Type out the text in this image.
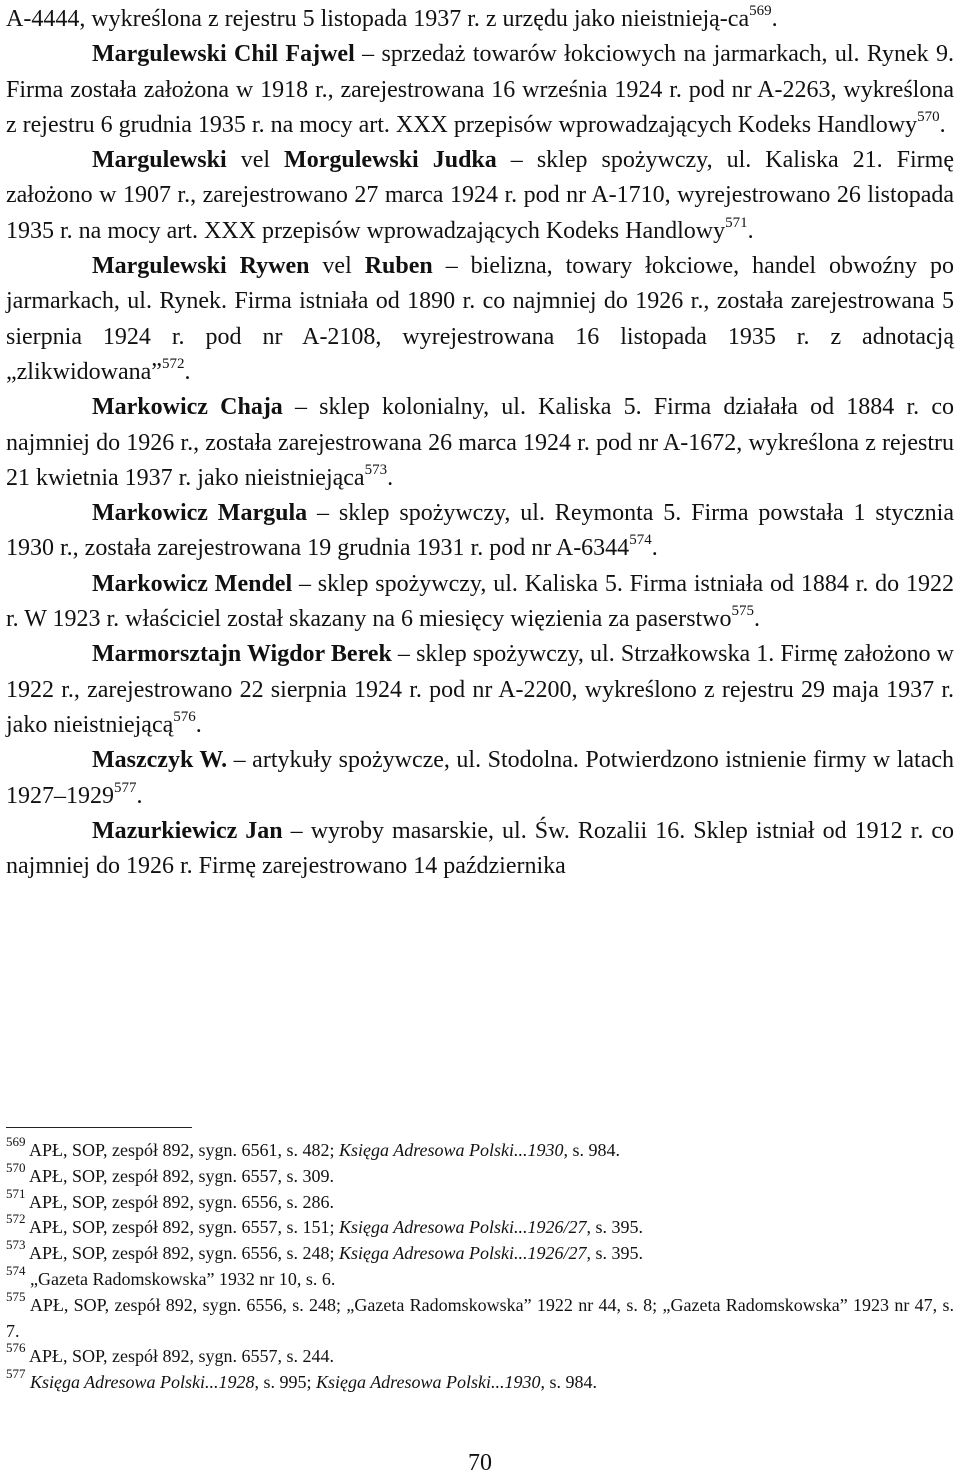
A-4444, wykreślona z rejestru 5 listopada 1937 r. z urzędu jako nieistnieją-$ca^{569}$.

Margulewski Chil Fajwel – sprzedaż towarów łokciowych na jarmarkach, ul. Rynek 9. Firma została założona w 1918 r., zarejestrowana 16 września 1924 r. pod nr A-2263, wykreślona z rejestru 6 grudnia 1935 r. na mocy art. XXX przepisów wprowadzających Kodeks Handlowy$^{570}$.

Margulewski vel Morgulewski Judka – sklep spożywczy, ul. Kaliska 21. Firmę założono w 1907 r., zarejestrowano 27 marca 1924 r. pod nr A-1710, wyrejestrowano 26 listopada 1935 r. na mocy art. XXX przepisów wprowadzających Kodeks Handlowy$^{571}$.

Margulewski Rywen vel Ruben – bielizna, towary łokciowe, handel obwoźny po jarmarkach, ul. Rynek. Firma istniała od 1890 r. co najmniej do 1926 r., została zarejestrowana 5 sierpnia 1924 r. pod nr A-2108, wyrejestrowana 16 listopada 1935 r. z adnotacją „zlikwidowana”$^{572}$.

Markowicz Chaja – sklep kolonialny, ul. Kaliska 5. Firma działała od 1884 r. co najmniej do 1926 r., została zarejestrowana 26 marca 1924 r. pod nr A-1672, wykreślona z rejestru 21 kwietnia 1937 r. jako nieistniejąca$^{573}$.

Markowicz Margula – sklep spożywczy, ul. Reymonta 5. Firma powstała 1 stycznia 1930 r., została zarejestrowana 19 grudnia 1931 r. pod nr A-6344$^{574}$.

Markowicz Mendel – sklep spożywczy, ul. Kaliska 5. Firma istniała od 1884 r. do 1922 r. W 1923 r. właściciel został skazany na 6 miesięcy więzienia za paserstwo$^{575}$.

Marmorsztajn Wigdor Berek – sklep spożywczy, ul. Strzałkowska 1. Firmę założono w 1922 r., zarejestrowano 22 sierpnia 1924 r. pod nr A-2200, wykreślono z rejestru 29 maja 1937 r. jako nieistniejącą$^{576}$.

Maszczyk W. – artykuły spożywcze, ul. Stodolna. Potwierdzono istnienie firmy w latach 1927–1929$^{577}$.

Mazurkiewicz Jan – wyroby masarskie, ul. Św. Rozalii 16. Sklep istniał od 1912 r. co najmniej do 1926 r. Firmę zarejestrowano 14 października

$^{569}$ APŁ, SOP, zespół 892, sygn. 6561, s. 482; Księga Adresowa Polski...1930, s. 984.

$^{570}$ APŁ, SOP, zespół 892, sygn. 6557, s. 309.

$^{571}$ APŁ, SOP, zespół 892, sygn. 6556, s. 286.

$^{572}$ APŁ, SOP, zespół 892, sygn. 6557, s. 151; Księga Adresowa Polski...1926/27, s. 395.

$^{573}$ APŁ, SOP, zespół 892, sygn. 6556, s. 248; Księga Adresowa Polski...1926/27, s. 395.

$^{574}$ „Gazeta Radomskowska” 1932 nr 10, s. 6.

$^{575}$ APŁ, SOP, zespół 892, sygn. 6556, s. 248; „Gazeta Radomskowska” 1922 nr 44, s. 8; „Gazeta Radomskowska” 1923 nr 47, s. 7.

$^{576}$ APŁ, SOP, zespół 892, sygn. 6557, s. 244.

$^{577}$ Księga Adresowa Polski...1928, s. 995; Księga Adresowa Polski...1930, s. 984.

70
